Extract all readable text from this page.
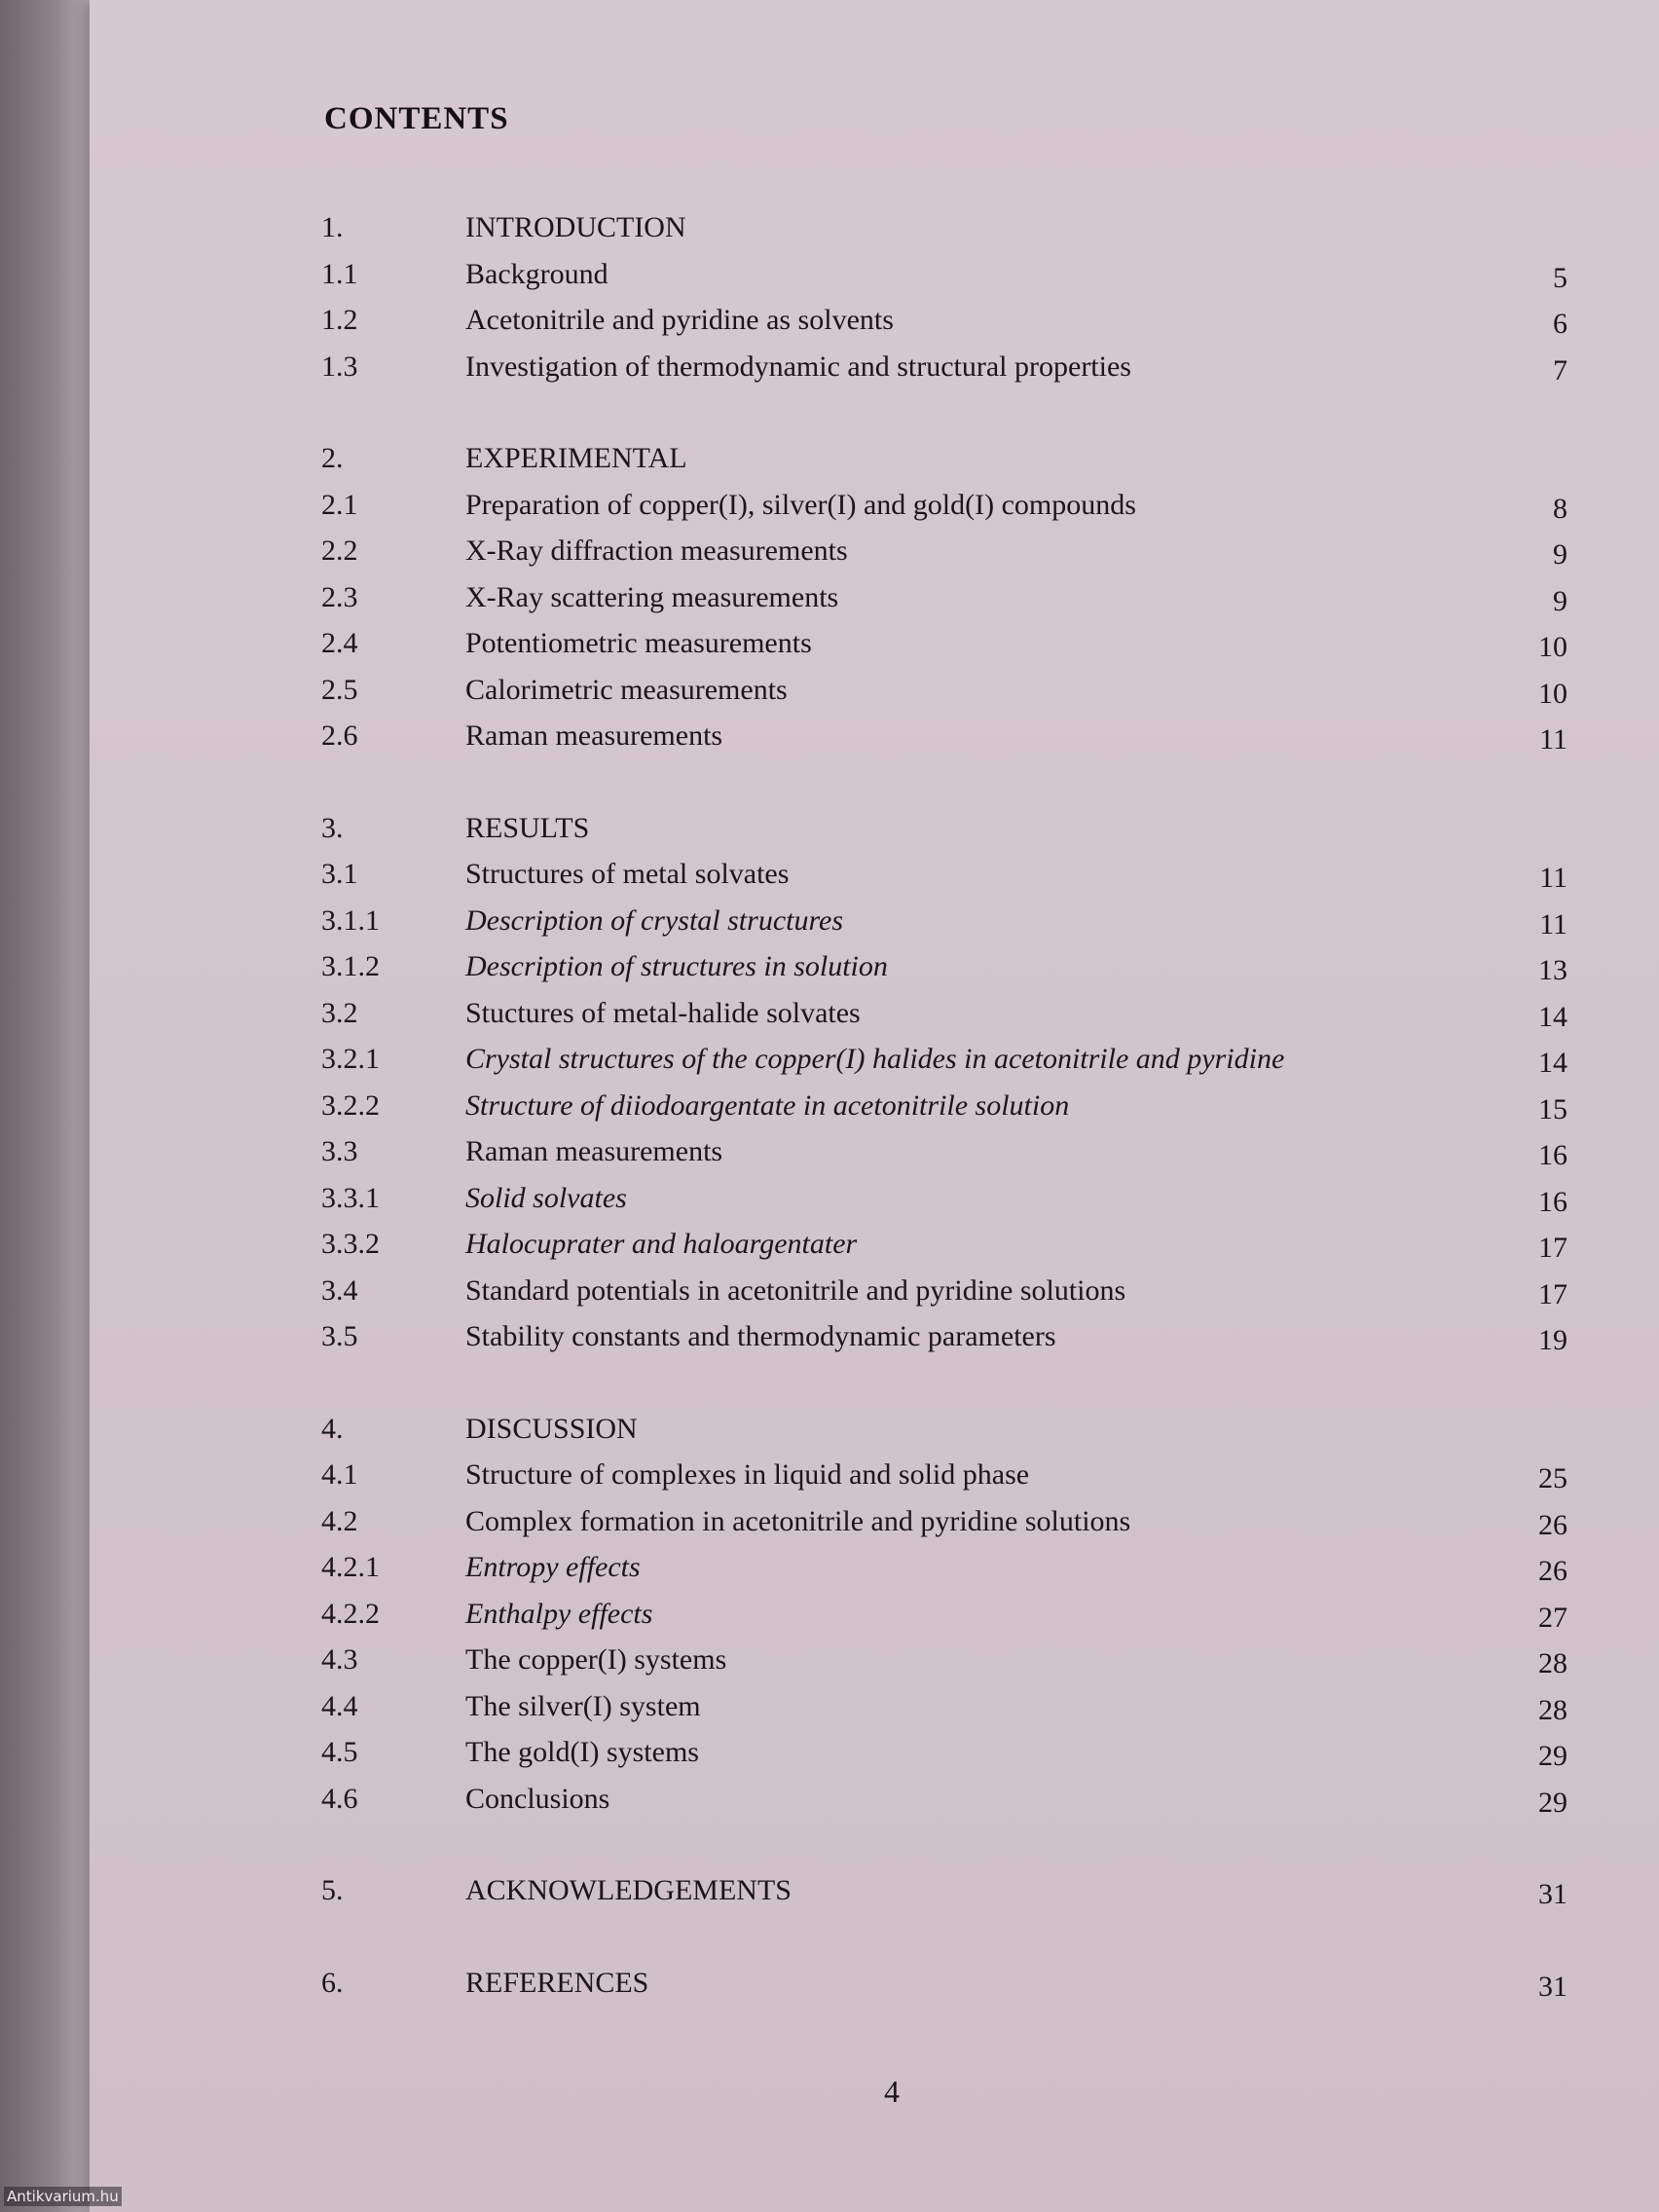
CONTENTS
1.	INTRODUCTION
1.1	Background	5
1.2	Acetonitrile and pyridine as solvents	6
1.3	Investigation of thermodynamic and structural properties	7
2.	EXPERIMENTAL
2.1	Preparation of copper(I), silver(I) and gold(I) compounds	8
2.2	X-Ray diffraction measurements	9
2.3	X-Ray scattering measurements	9
2.4	Potentiometric measurements	10
2.5	Calorimetric measurements	10
2.6	Raman measurements	11
3.	RESULTS
3.1	Structures of metal solvates	11
3.1.1	Description of crystal structures	11
3.1.2	Description of structures in solution	13
3.2	Stuctures of metal-halide solvates	14
3.2.1	Crystal structures of the copper(I) halides in acetonitrile and pyridine	14
3.2.2	Structure of diiodoargentate in acetonitrile solution	15
3.3	Raman measurements	16
3.3.1	Solid solvates	16
3.3.2	Halocuprater and haloargentater	17
3.4	Standard potentials in acetonitrile and pyridine solutions	17
3.5	Stability constants and thermodynamic parameters	19
4.	DISCUSSION
4.1	Structure of complexes in liquid and solid phase	25
4.2	Complex formation in acetonitrile and pyridine solutions	26
4.2.1	Entropy effects	26
4.2.2	Enthalpy effects	27
4.3	The copper(I) systems	28
4.4	The silver(I) system	28
4.5	The gold(I) systems	29
4.6	Conclusions	29
5.	ACKNOWLEDGEMENTS	31
6.	REFERENCES	31
4
Antikvarium.hu
